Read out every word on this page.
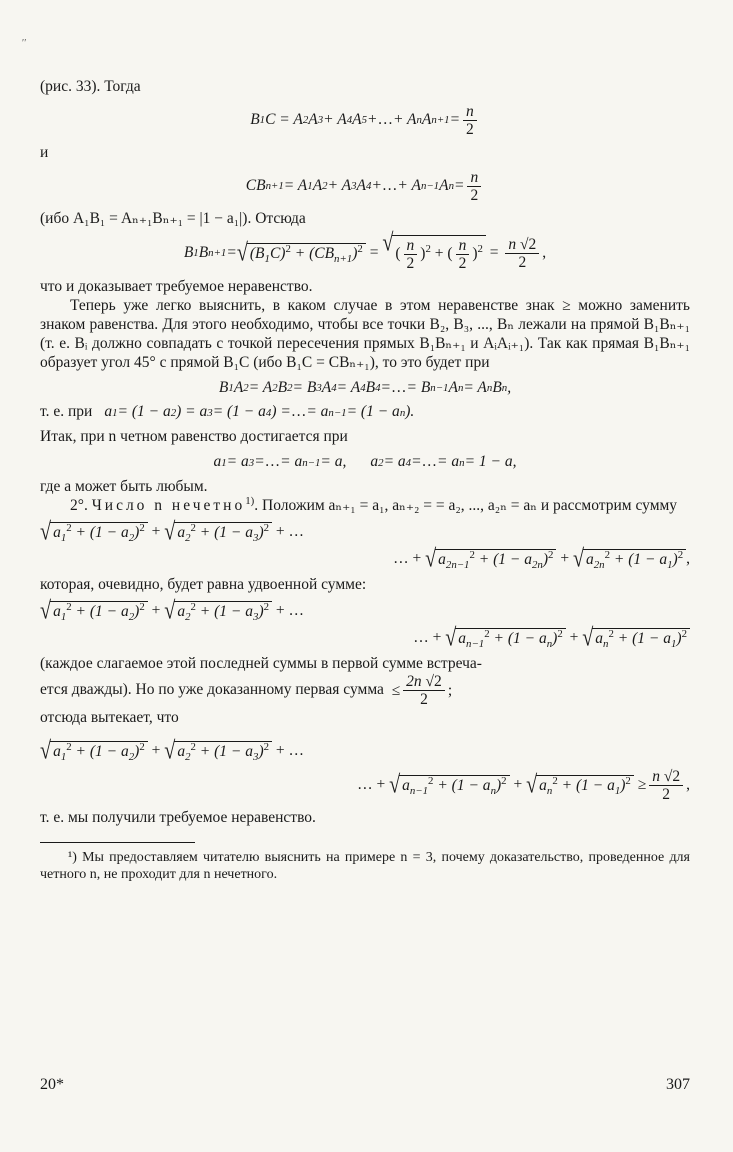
′′

(рис. 33). Тогда

B 1 C = A 2 A 3 + A 4 A 5 + … + A n A $n+1 = \frac{n}{2}$

и

CB n+1 = A 1 A 2 + A 3 A 4 + … + A n−1 A $n = \frac{n}{2}$

(ибо A₁B₁ = Aₙ₊₁Bₙ₊₁ = |1 − a₁|). Отсюда

B 1 B n+1 = √ $(B_1C)^2 + (CB_{n+1})^2$ = √ ( $\frac{n}{2} )^2$ + ( $\frac{n}{2} )^2 = \frac{n √2}{2}$ ,

что и доказывает требуемое неравенство.

Теперь уже легко выяснить, в каком случае в этом неравенстве знак ≥ можно заменить знаком равенства. Для этого необходимо, чтобы все точки B₂, B₃, ..., Bₙ лежали на прямой B₁Bₙ₊₁ (т. е. Bᵢ должно совпадать с точкой пересечения прямых B₁Bₙ₊₁ и AᵢAᵢ₊₁). Так как прямая B₁Bₙ₊₁ образует угол 45° с прямой B₁C (ибо B₁C = CBₙ₊₁), то это будет при

B 1 A 2 = A 2 B 2 = B 3 A 4 = A 4 B 4 = … = B n−1 A n = A n B n ,
т. е. при a 1 = (1 − a 2 ) = a 3 = (1 − a 4 ) = … = a n−1 = (1 − a n ).

Итак, при n четном равенство достигается при

a 1 = a 3 = … = a n−1 = a,
a 2 = a 4 = … = a n = 1 − a,

где a может быть любым.

2°. Число n нечетно$^{1)}$. Положим aₙ₊₁ = a₁, aₙ₊₂ = = a₂, ..., a₂ₙ = aₙ и рассмотрим сумму

√ $a_1^2 + (1 - a_2)^2$ + √ $a_2^2 + (1 - a_3)^2$ + …
… + √ $a_{2n-1}^2 + (1 - a_{2n})^2$ + √ $a_{2n}^2 + (1 - a_1)^2$ ,

которая, очевидно, будет равна удвоенной сумме:

√ $a_1^2 + (1 - a_2)^2$ + √ $a_2^2 + (1 - a_3)^2$ + …
… + √ $a_{n-1}^2 + (1 - a_n)^2$ + √ $a_n^2 + (1 - a_1)^2$

(каждое слагаемое этой последней суммы в первой сумме встреча-

ется дважды). Но по уже доказанному первая сумма  ≤ $\frac{2n √2}{2}$ ;

отсюда вытекает, что

√ $a_1^2 + (1 - a_2)^2$ + √ $a_2^2 + (1 - a_3)^2$ + …
… + √ $a_{n-1}^2 + (1 - a_n)^2$ + √ $a_n^2 + (1 - a_1)^2 \ge \frac{n √2}{2}$ ,

т. е. мы получили требуемое неравенство.

¹) Мы предоставляем читателю выяснить на примере n = 3, почему доказательство, проведенное для четного n, не проходит для n нечетного.

20*	307
